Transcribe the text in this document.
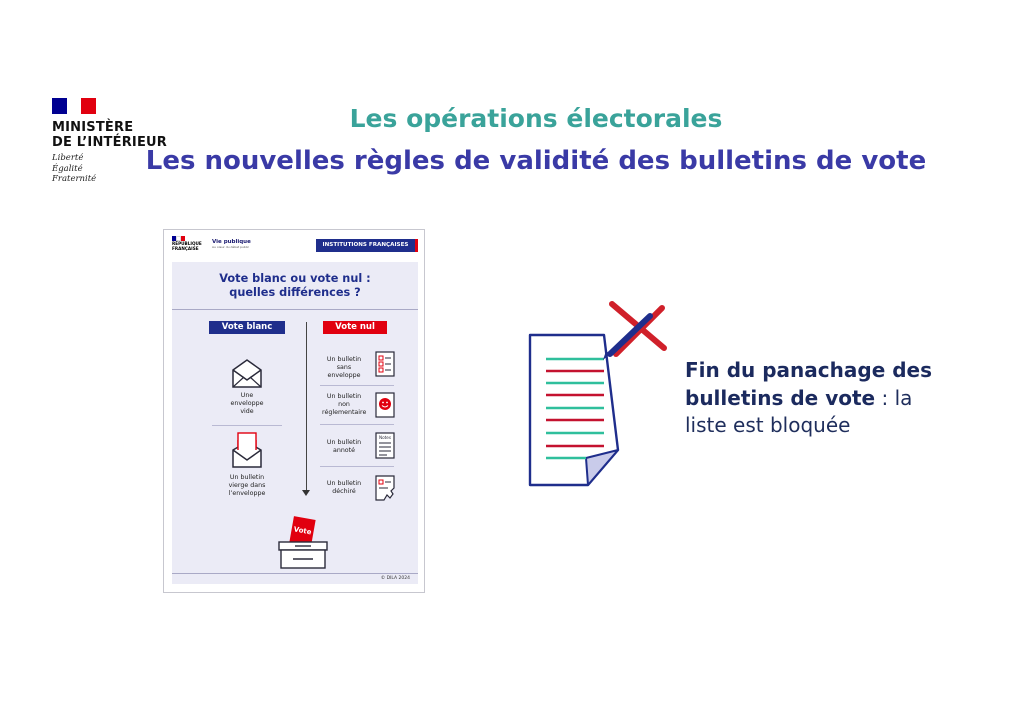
MINISTÈRE
DE L’INTÉRIEUR
Liberté
Égalité
Fraternité
Les opérations électorales
Les nouvelles règles de validité des bulletins de vote
RÉPUBLIQUE
FRANÇAISE
Vie publique
Au cœur du débat public	INSTITUTIONS FRANÇAISES
Vote blanc ou vote nul :
quelles différences ?
Vote blanc	Vote nul
Une
enveloppe
vide
Un bulletin
vierge dans
l’enveloppe
Un bulletin
sans
enveloppe
Un bulletin
non
réglementaire
Un bulletin
annoté
Notes
Un bulletin
déchiré
Vote
© DILA 2024
Fin du panachage des bulletins de vote : la liste est bloquée
